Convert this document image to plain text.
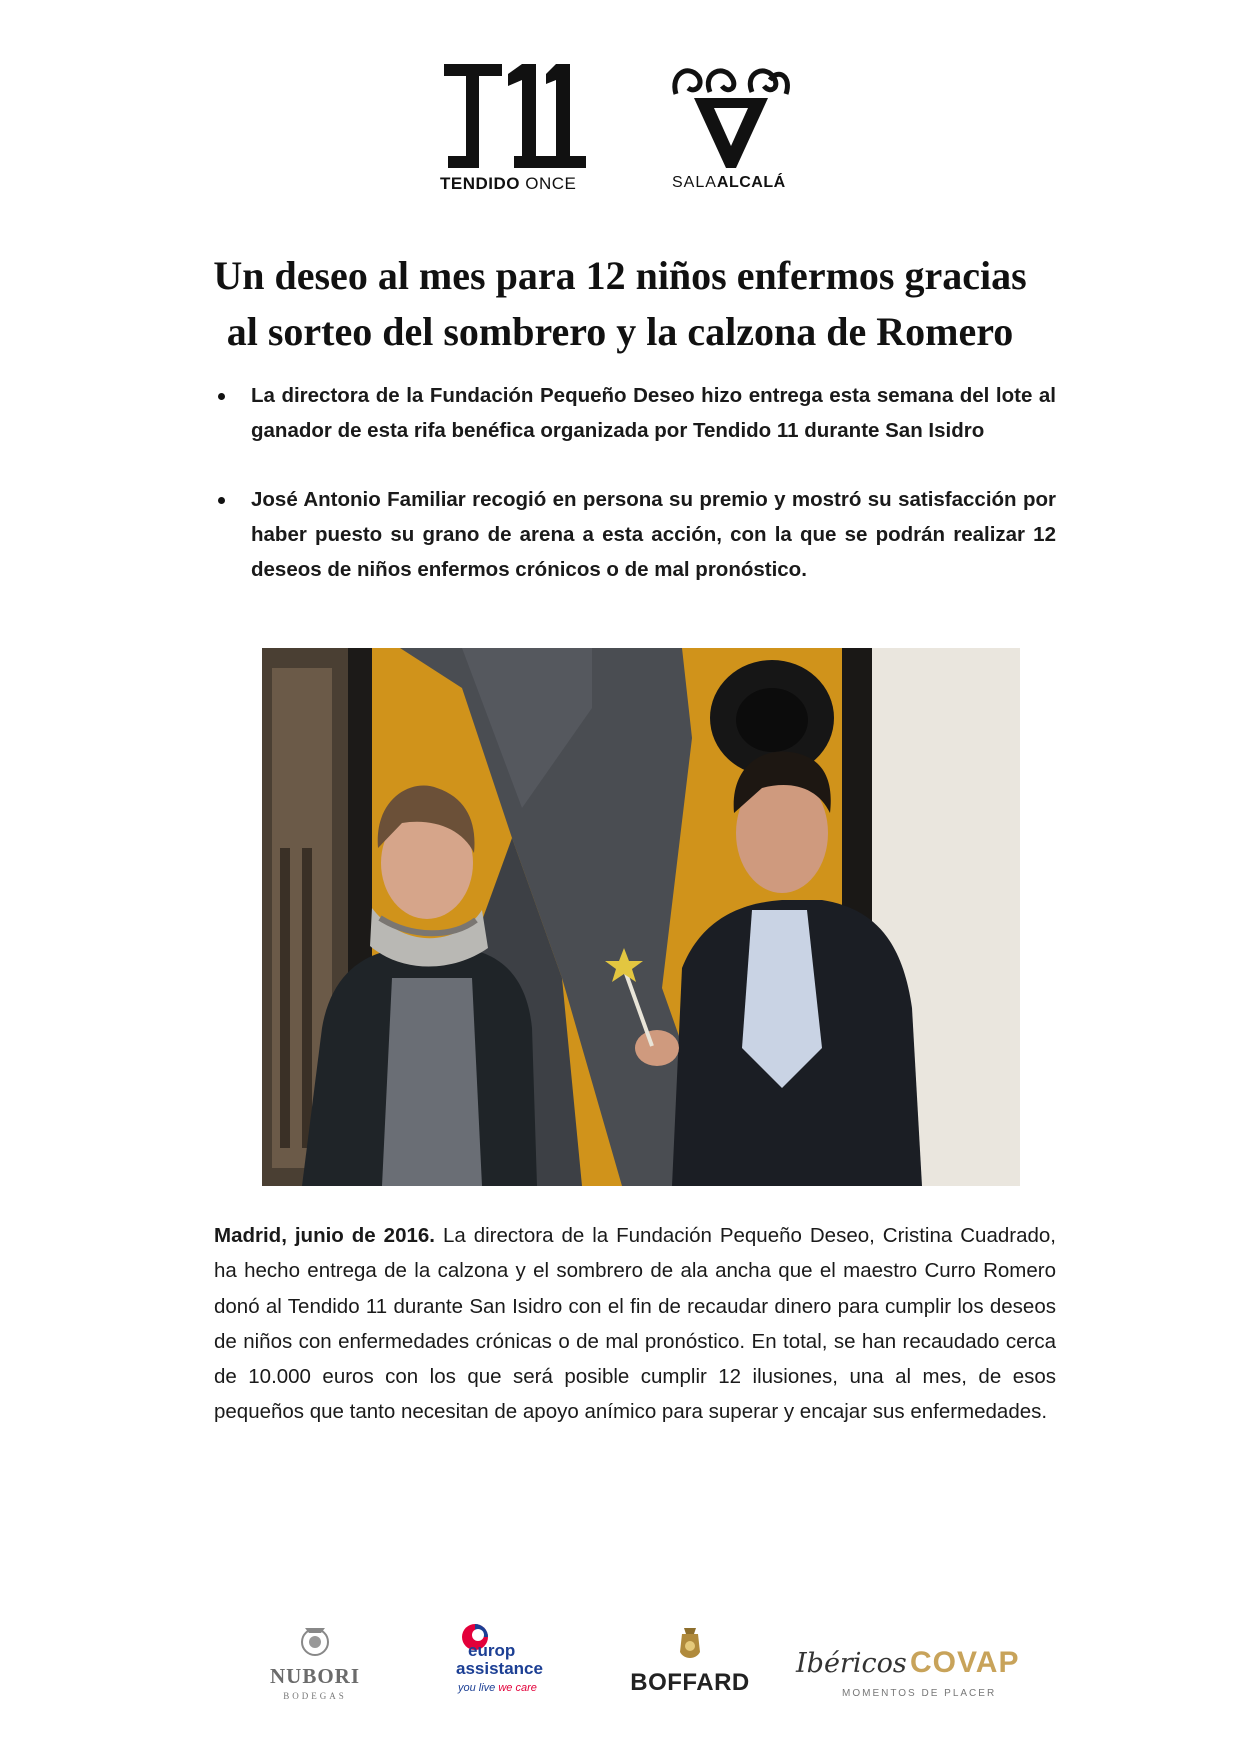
TENDIDO ONCE	SALAALCALÁ
Un deseo al mes para 12 niños enfermos gracias
al sorteo del sombrero y la calzona de Romero
La directora de la Fundación Pequeño Deseo hizo entrega esta semana del lote al ganador de esta rifa benéfica organizada por Tendido 11 durante San Isidro
José Antonio Familiar recogió en persona su premio y mostró su satisfacción por haber puesto su grano de arena a esta acción, con la que se podrán realizar 12 deseos de niños enfermos crónicos o de mal pronóstico.

Madrid, junio de 2016. La directora de la Fundación Pequeño Deseo, Cristina Cuadrado, ha hecho entrega de la calzona y el sombrero de ala ancha que el maestro Curro Romero donó al Tendido 11 durante San Isidro con el fin de recaudar dinero para cumplir los deseos de niños con enfermedades crónicas o de mal pronóstico. En total, se han recaudado cerca de 10.000 euros con los que será posible cumplir 12 ilusiones, una al mes, de esos pequeños que tanto necesitan de apoyo anímico para superar y encajar sus enfermedades.

NUBORI
BODEGAS
europ
assistance
you live we care	BOFFARD
Ibéricos COVAP
MOMENTOS DE PLACER
